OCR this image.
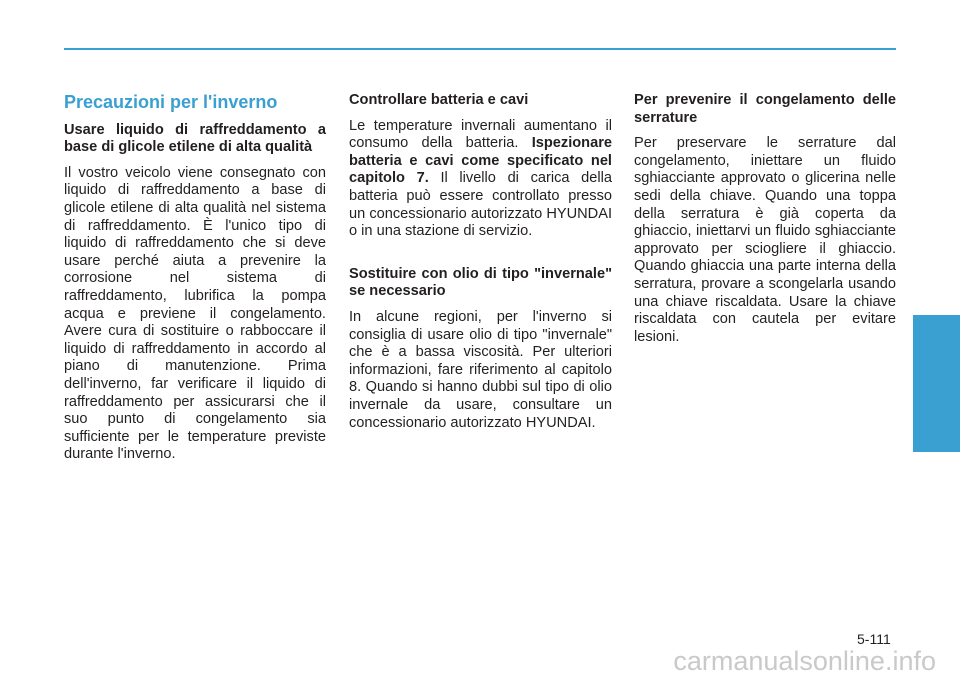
Precauzioni per l'inverno

Usare liquido di raffreddamento a base di glicole etilene di alta qualità

Il vostro veicolo viene consegnato con liquido di raffreddamento a base di glicole etilene di alta qualità nel sistema di raffreddamento. È l'unico tipo di liquido di raffreddamento che si deve usare perché aiuta a prevenire la corrosione nel sistema di raffreddamento, lubrifica la pompa acqua e previene il congelamento. Avere cura di sostituire o rabboccare il liquido di raffreddamento in accordo al piano di manutenzione. Prima dell'inverno, far verificare il liquido di raffreddamento per assicurarsi che il suo punto di congelamento sia sufficiente per le temperature previste durante l'inverno.

Controllare batteria e cavi

Le temperature invernali aumentano il consumo della batteria. Ispezionare batteria e cavi come specificato nel capitolo 7. Il livello di carica della batteria può essere controllato presso un concessionario autorizzato HYUNDAI o in una stazione di servizio.

Sostituire con olio di tipo "invernale" se necessario

In alcune regioni, per l'inverno si consiglia di usare olio di tipo "invernale" che è a bassa viscosità. Per ulteriori informazioni, fare riferimento al capitolo 8. Quando si hanno dubbi sul tipo di olio invernale da usare, consultare un concessionario autorizzato HYUNDAI.

Per prevenire il congelamento delle serrature

Per preservare le serrature dal congelamento, iniettare un fluido sghiacciante approvato o glicerina nelle sedi della chiave. Quando una toppa della serratura è già coperta da ghiaccio, iniettarvi un fluido sghiacciante approvato per sciogliere il ghiaccio. Quando ghiaccia una parte interna della serratura, provare a scongelarla usando una chiave riscaldata. Usare la chiave riscaldata con cautela per evitare lesioni.

Al volante
5-111
carmanualsonline.info
